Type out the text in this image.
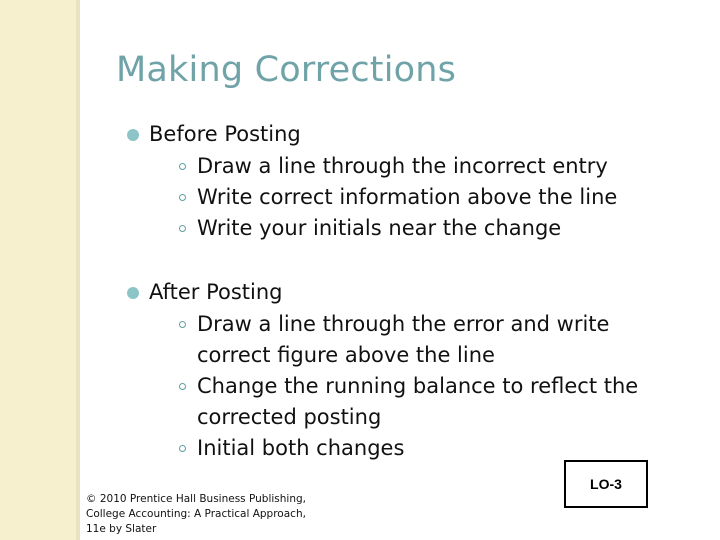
Making Corrections
Before Posting
Draw a line through the incorrect entry
Write correct information above the line
Write your initials near the change
After Posting
Draw a line through the error and write correct figure above the line
Change the running balance to reflect the corrected posting
Initial both changes
LO-3
© 2010 Prentice Hall Business Publishing,
College Accounting: A Practical Approach,
11e by Slater
